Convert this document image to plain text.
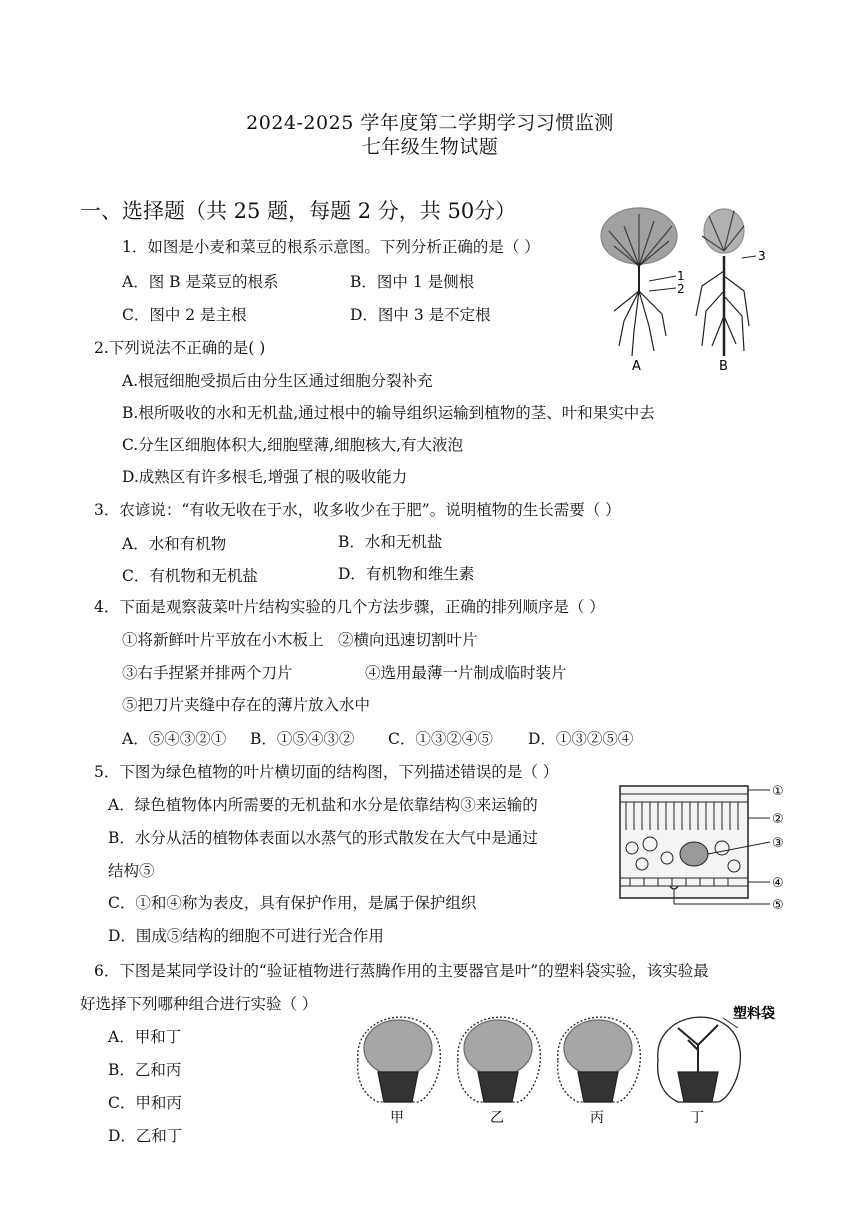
2024-2025 学年度第二学期学习习惯监测
七年级生物试题
一、选择题（共 25 题，每题 2 分，共 50分）
1．如图是小麦和菜豆的根系示意图。下列分析正确的是（ ）
A．图 B 是菜豆的根系	B．图中 1 是侧根
C．图中 2 是主根	D．图中 3 是不定根
1
2
3
A	B
2.下列说法不正确的是( )
A.根冠细胞受损后由分生区通过细胞分裂补充
B.根所吸收的水和无机盐,通过根中的输导组织运输到植物的茎、叶和果实中去
C.分生区细胞体积大,细胞壁薄,细胞核大,有大液泡
D.成熟区有许多根毛,增强了根的吸收能力
3．农谚说：“有收无收在于水，收多收少在于肥”。说明植物的生长需要（ ）
A．水和有机物	B．水和无机盐
C．有机物和无机盐	D．有机物和维生素
4．下面是观察菠菜叶片结构实验的几个方法步骤，正确的排列顺序是（ ）
①将新鲜叶片平放在小木板上 ②横向迅速切割叶片
③右手捏紧并排两个刀片	④选用最薄一片制成临时装片
⑤把刀片夹缝中存在的薄片放入水中
A．⑤④③②① B．①⑤④③② C．①③②④⑤ D．①③②⑤④
5．下图为绿色植物的叶片横切面的结构图，下列描述错误的是（ ）
A．绿色植物体内所需要的无机盐和水分是依靠结构③来运输的
B．水分从活的植物体表面以水蒸气的形式散发在大气中是通过
结构⑤
C．①和④称为表皮，具有保护作用，是属于保护组织
D．围成⑤结构的细胞不可进行光合作用
①
②
③
④
⑤
6．下图是某同学设计的“验证植物进行蒸腾作用的主要器官是叶”的塑料袋实验，该实验最
好选择下列哪种组合进行实验（ ）
A．甲和丁
B．乙和丙
C．甲和丙
D．乙和丁
塑料袋
甲	乙	丙	丁
